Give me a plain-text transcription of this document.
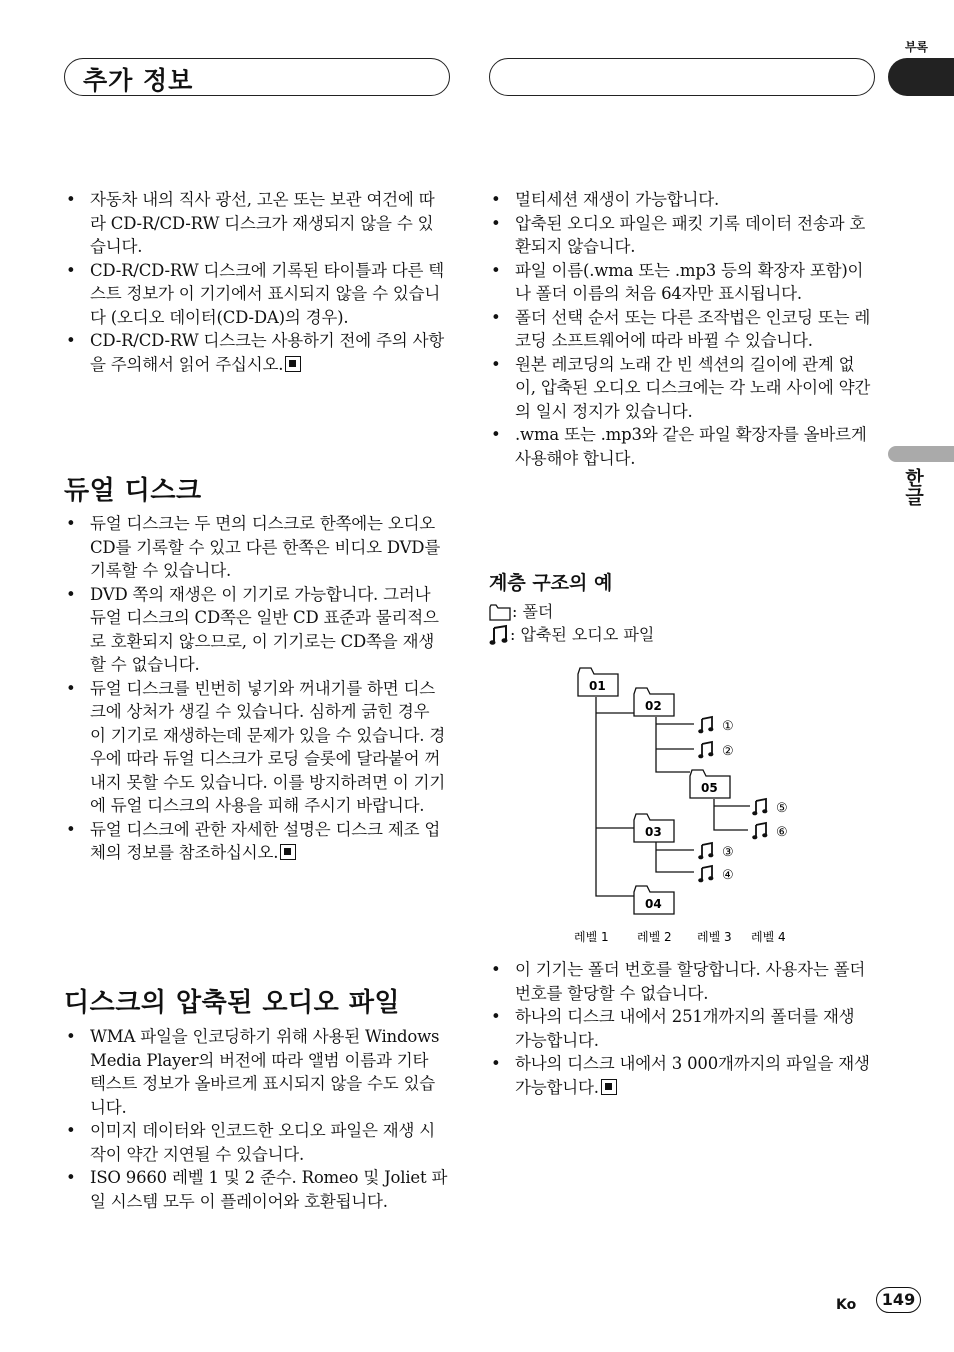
부록
추가 정보
한글
• 자동차 내의 직사 광선, 고온 또는 보관 여건에 따라 CD-R/CD-RW 디스크가 재생되지 않을 수 있습니다.
• CD-R/CD-RW 디스크에 기록된 타이틀과 다른 텍스트 정보가 이 기기에서 표시되지 않을 수 있습니다 (오디오 데이터(CD-DA)의 경우).
• CD-R/CD-RW 디스크는 사용하기 전에 주의 사항을 주의해서 읽어 주십시오.
듀얼 디스크
• 듀얼 디스크는 두 면의 디스크로 한쪽에는 오디오 CD를 기록할 수 있고 다른 한쪽은 비디오 DVD를 기록할 수 있습니다.
• DVD 쪽의 재생은 이 기기로 가능합니다. 그러나 듀얼 디스크의 CD쪽은 일반 CD 표준과 물리적으로 호환되지 않으므로, 이 기기로는 CD쪽을 재생할 수 없습니다.
• 듀얼 디스크를 빈번히 넣기와 꺼내기를 하면 디스크에 상처가 생길 수 있습니다. 심하게 긁힌 경우 이 기기로 재생하는데 문제가 있을 수 있습니다. 경우에 따라 듀얼 디스크가 로딩 슬롯에 달라붙어 꺼내지 못할 수도 있습니다. 이를 방지하려면 이 기기에 듀얼 디스크의 사용을 피해 주시기 바랍니다.
• 듀얼 디스크에 관한 자세한 설명은 디스크 제조 업체의 정보를 참조하십시오.
디스크의 압축된 오디오 파일
• WMA 파일을 인코딩하기 위해 사용된 Windows Media Player의 버전에 따라 앨범 이름과 기타 텍스트 정보가 올바르게 표시되지 않을 수도 있습니다.
• 이미지 데이터와 인코드한 오디오 파일은 재생 시작이 약간 지연될 수 있습니다.
• ISO 9660 레벨 1 및 2 준수. Romeo 및 Joliet 파일 시스템 모두 이 플레이어와 호환됩니다.
• 멀티세션 재생이 가능합니다.
• 압축된 오디오 파일은 패킷 기록 데이터 전송과 호환되지 않습니다.
• 파일 이름(.wma 또는 .mp3 등의 확장자 포함)이나 폴더 이름의 처음 64자만 표시됩니다.
• 폴더 선택 순서 또는 다른 조작법은 인코딩 또는 레코딩 소프트웨어에 따라 바뀔 수 있습니다.
• 원본 레코딩의 노래 간 빈 섹션의 길이에 관계 없이, 압축된 오디오 디스크에는 각 노래 사이에 약간의 일시 정지가 있습니다.
• .wma 또는 .mp3와 같은 파일 확장자를 올바르게 사용해야 합니다.
계층 구조의 예
: 폴더
: 압축된 오디오 파일
01
02
05
03
04
①
②
⑤
⑥
③
④
레벨 1 레벨 2 레벨 3 레벨 4
• 이 기기는 폴더 번호를 할당합니다. 사용자는 폴더 번호를 할당할 수 없습니다.
• 하나의 디스크 내에서 251개까지의 폴더를 재생 가능합니다.
• 하나의 디스크 내에서 3 000개까지의 파일을 재생 가능합니다.
Ko	149
